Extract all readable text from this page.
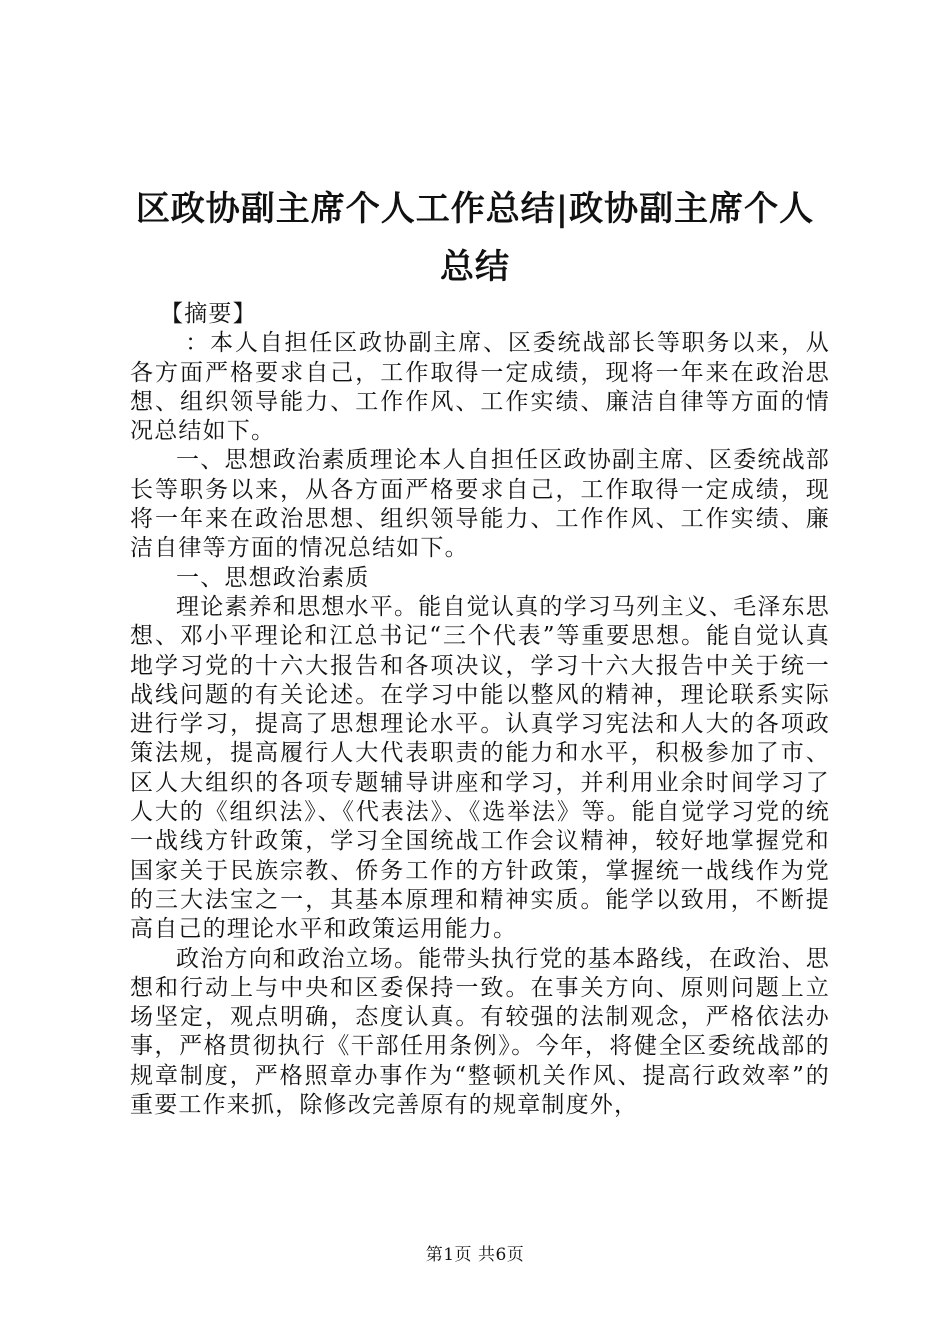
区政协副主席个人工作总结|政协副主席个人总结

【摘要】

：本人自担任区政协副主席、区委统战部长等职务以来，从各方面严格要求自己，工作取得一定成绩，现将一年来在政治思想、组织领导能力、工作作风、工作实绩、廉洁自律等方面的情况总结如下。

一、思想政治素质理论本人自担任区政协副主席、区委统战部长等职务以来，从各方面严格要求自己，工作取得一定成绩，现将一年来在政治思想、组织领导能力、工作作风、工作实绩、廉洁自律等方面的情况总结如下。

一、思想政治素质

理论素养和思想水平。能自觉认真的学习马列主义、毛泽东思想、邓小平理论和江总书记“三个代表”等重要思想。能自觉认真地学习党的十六大报告和各项决议，学习十六大报告中关于统一战线问题的有关论述。在学习中能以整风的精神，理论联系实际进行学习，提高了思想理论水平。认真学习宪法和人大的各项政策法规，提高履行人大代表职责的能力和水平，积极参加了市、区人大组织的各项专题辅导讲座和学习，并利用业余时间学习了人大的《组织法》、《代表法》、《选举法》等。能自觉学习党的统一战线方针政策，学习全国统战工作会议精神，较好地掌握党和国家关于民族宗教、侨务工作的方针政策，掌握统一战线作为党的三大法宝之一，其基本原理和精神实质。能学以致用，不断提高自己的理论水平和政策运用能力。

政治方向和政治立场。能带头执行党的基本路线，在政治、思想和行动上与中央和区委保持一致。在事关方向、原则问题上立场坚定，观点明确，态度认真。有较强的法制观念，严格依法办事，严格贯彻执行《干部任用条例》。今年，将健全区委统战部的规章制度，严格照章办事作为“整顿机关作风、提高行政效率”的重要工作来抓，除修改完善原有的规章制度外，

第1页 共6页
